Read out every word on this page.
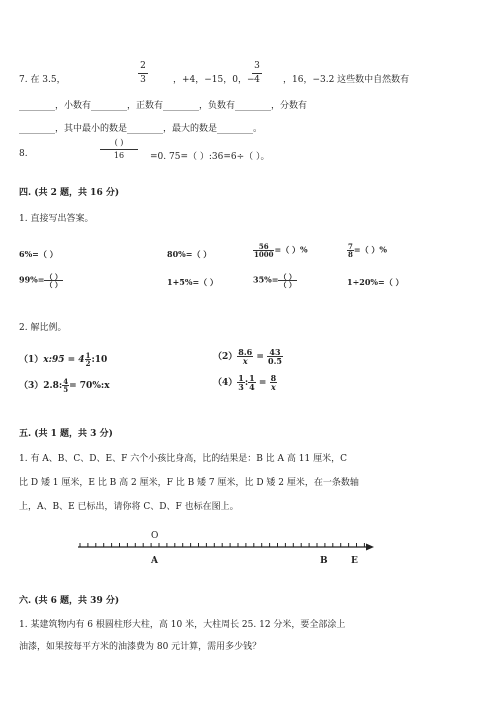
7. 在 3.5，
2
3	，+4，−15，0，−
3
4	，16，−3.2 这些数中自然数有
________，小数有________，正数有________，负数有________，分数有
________，其中最小的数是________，最大的数是________。
8.
( )
16	=0. 75=（ ）:36=6÷（ ）。
四. (共 2 题，共 16 分)
1. 直接写出答案。
6%=（ ）	80%=（ ）	$\frac{56}{1000}$ =（ ）%	$\frac{7}{8}$ =（ ）%
$99\%= \frac{( )}{( )}$	1+5%=（ ）	$35\%= \frac{( )}{( )}$	1÷20%=（ ）
2. 解比例。
（1）x:95 = $4 \frac{1}{2}$ :10	$(2) \frac{8.6}{x} = \frac{43}{0.5}$
（3）2.8: $\frac{4}{5}$ = 70%:x	$(4) \frac{1}{3}$ : $\frac{1}{4} = \frac{8}{x}$
五. (共 1 题，共 3 分)
1. 有 A、B、C、D、E、F 六个小孩比身高，比的结果是：B 比 A 高 11 厘米，C
比 D 矮 1 厘米，E 比 B 高 2 厘米，F 比 B 矮 7 厘米，比 D 矮 2 厘米，在一条数轴
上，A、B、E 已标出，请你将 C、D、F 也标在图上。
O
A	B	E
六. (共 6 题，共 39 分)
1. 某建筑物内有 6 根圆柱形大柱，高 10 米，大柱周长 25. 12 分米，要全部涂上
油漆，如果按每平方米的油漆费为 80 元计算，需用多少钱？
